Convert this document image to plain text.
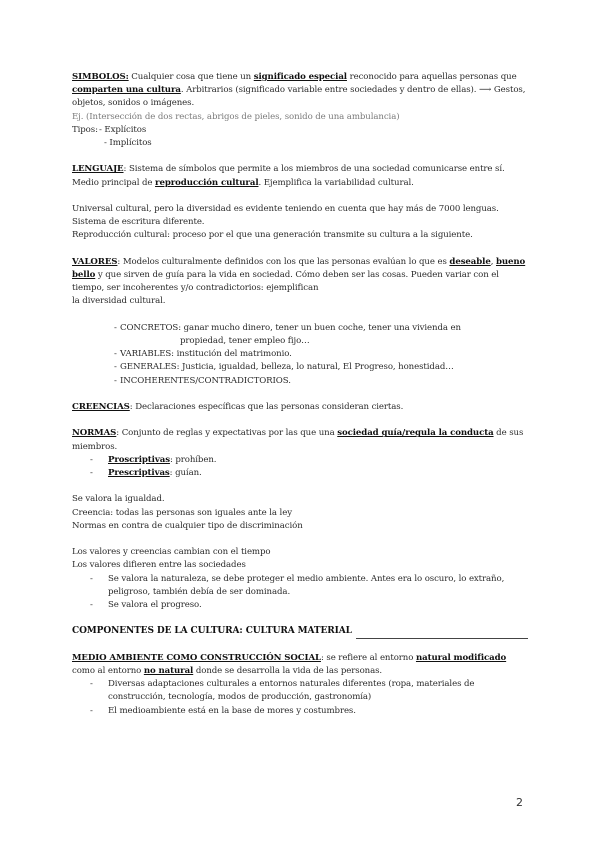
SIMBOLOS: Cualquier cosa que tiene un significado especial reconocido para aquellas personas que comparten una cultura. Arbitrarios (significado variable entre sociedades y dentro de ellas). ⟶ Gestos, objetos, sonidos o imágenes.

Ej. (Intersección de dos rectas, abrigos de pieles, sonido de una ambulancia)

Tipos: - Explícitos
- Implícitos

LENGUAJE: Sistema de símbolos que permite a los miembros de una sociedad comunicarse entre sí. Medio principal de reproducción cultural. Ejemplifica la variabilidad cultural.

Universal cultural, pero la diversidad es evidente teniendo en cuenta que hay más de 7000 lenguas.

Sistema de escritura diferente.

Reproducción cultural: proceso por el que una generación transmite su cultura a la siguiente.

VALORES: Modelos culturalmente definidos con los que las personas evalúan lo que es deseable, bueno bello y que sirven de guía para la vida en sociedad. Cómo deben ser las cosas. Pueden variar con el tiempo, ser incoherentes y/o contradictorios: ejemplifican

la diversidad cultural.

- CONCRETOS: ganar mucho dinero, tener un buen coche, tener una vivienda en
propiedad, tener empleo fijo…
- VARIABLES: institución del matrimonio.
- GENERALES: Justicia, igualdad, belleza, lo natural, El Progreso, honestidad…
- INCOHERENTES/CONTRADICTORIOS.

CREENCIAS: Declaraciones específicas que las personas consideran ciertas.

NORMAS: Conjunto de reglas y expectativas por las que una sociedad guía/regula la conducta de sus miembros.

- Proscriptivas: prohíben.
- Prescriptivas: guían.

Se valora la igualdad.

Creencia: todas las personas son iguales ante la ley

Normas en contra de cualquier tipo de discriminación

Los valores y creencias cambian con el tiempo

Los valores difieren entre las sociedades

- Se valora la naturaleza, se debe proteger el medio ambiente. Antes era lo oscuro, lo extraño, peligroso, también debía de ser dominada.
- Se valora el progreso.
COMPONENTES DE LA CULTURA: CULTURA MATERIAL

MEDIO AMBIENTE COMO CONSTRUCCIÓN SOCIAL: se refiere al entorno natural modificado como al entorno no natural donde se desarrolla la vida de las personas.

- Diversas adaptaciones culturales a entornos naturales diferentes (ropa, materiales de construcción, tecnología, modos de producción, gastronomía)
- El medioambiente está en la base de mores y costumbres.
2
